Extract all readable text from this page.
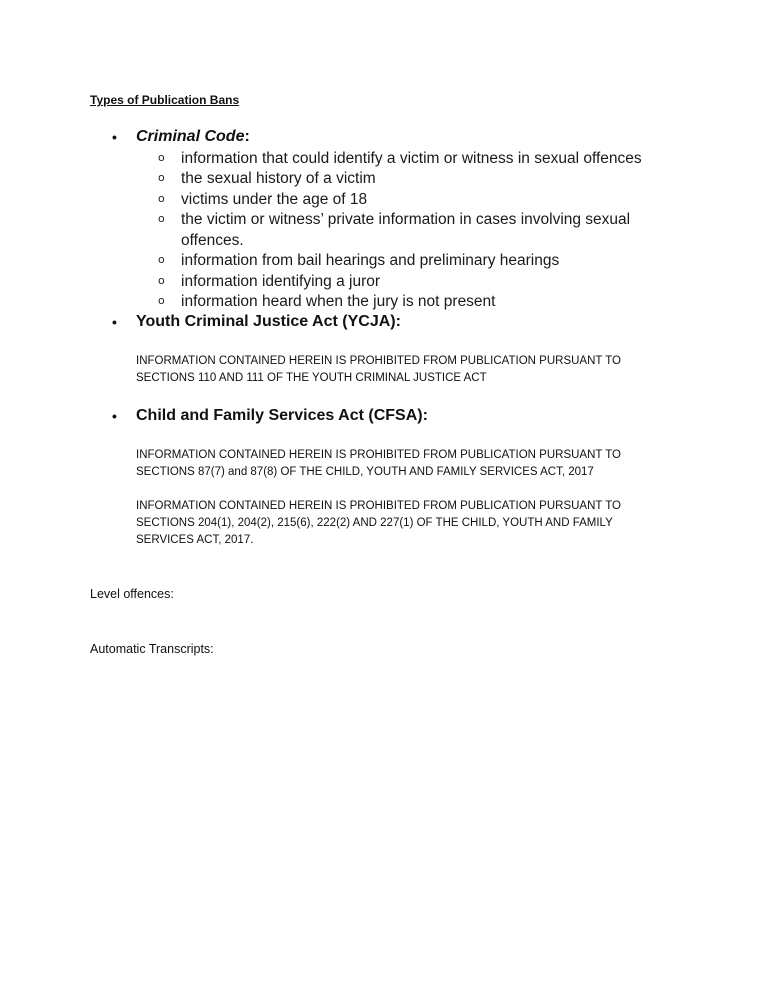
Types of Publication Bans
• Criminal Code:
o information that could identify a victim or witness in sexual offences
o the sexual history of a victim
o victims under the age of 18
o the victim or witness’ private information in cases involving sexual offences.
o information from bail hearings and preliminary hearings
o information identifying a juror
o information heard when the jury is not present
• Youth Criminal Justice Act (YCJA):
INFORMATION CONTAINED HEREIN IS PROHIBITED FROM PUBLICATION PURSUANT TO SECTIONS 110 AND 111 OF THE YOUTH CRIMINAL JUSTICE ACT
• Child and Family Services Act (CFSA):
INFORMATION CONTAINED HEREIN IS PROHIBITED FROM PUBLICATION PURSUANT TO SECTIONS 87(7) and 87(8) OF THE CHILD, YOUTH AND FAMILY SERVICES ACT, 2017
INFORMATION CONTAINED HEREIN IS PROHIBITED FROM PUBLICATION PURSUANT TO SECTIONS 204(1), 204(2), 215(6), 222(2) AND 227(1) OF THE CHILD, YOUTH AND FAMILY SERVICES ACT, 2017.
Level offences:
Automatic Transcripts:
